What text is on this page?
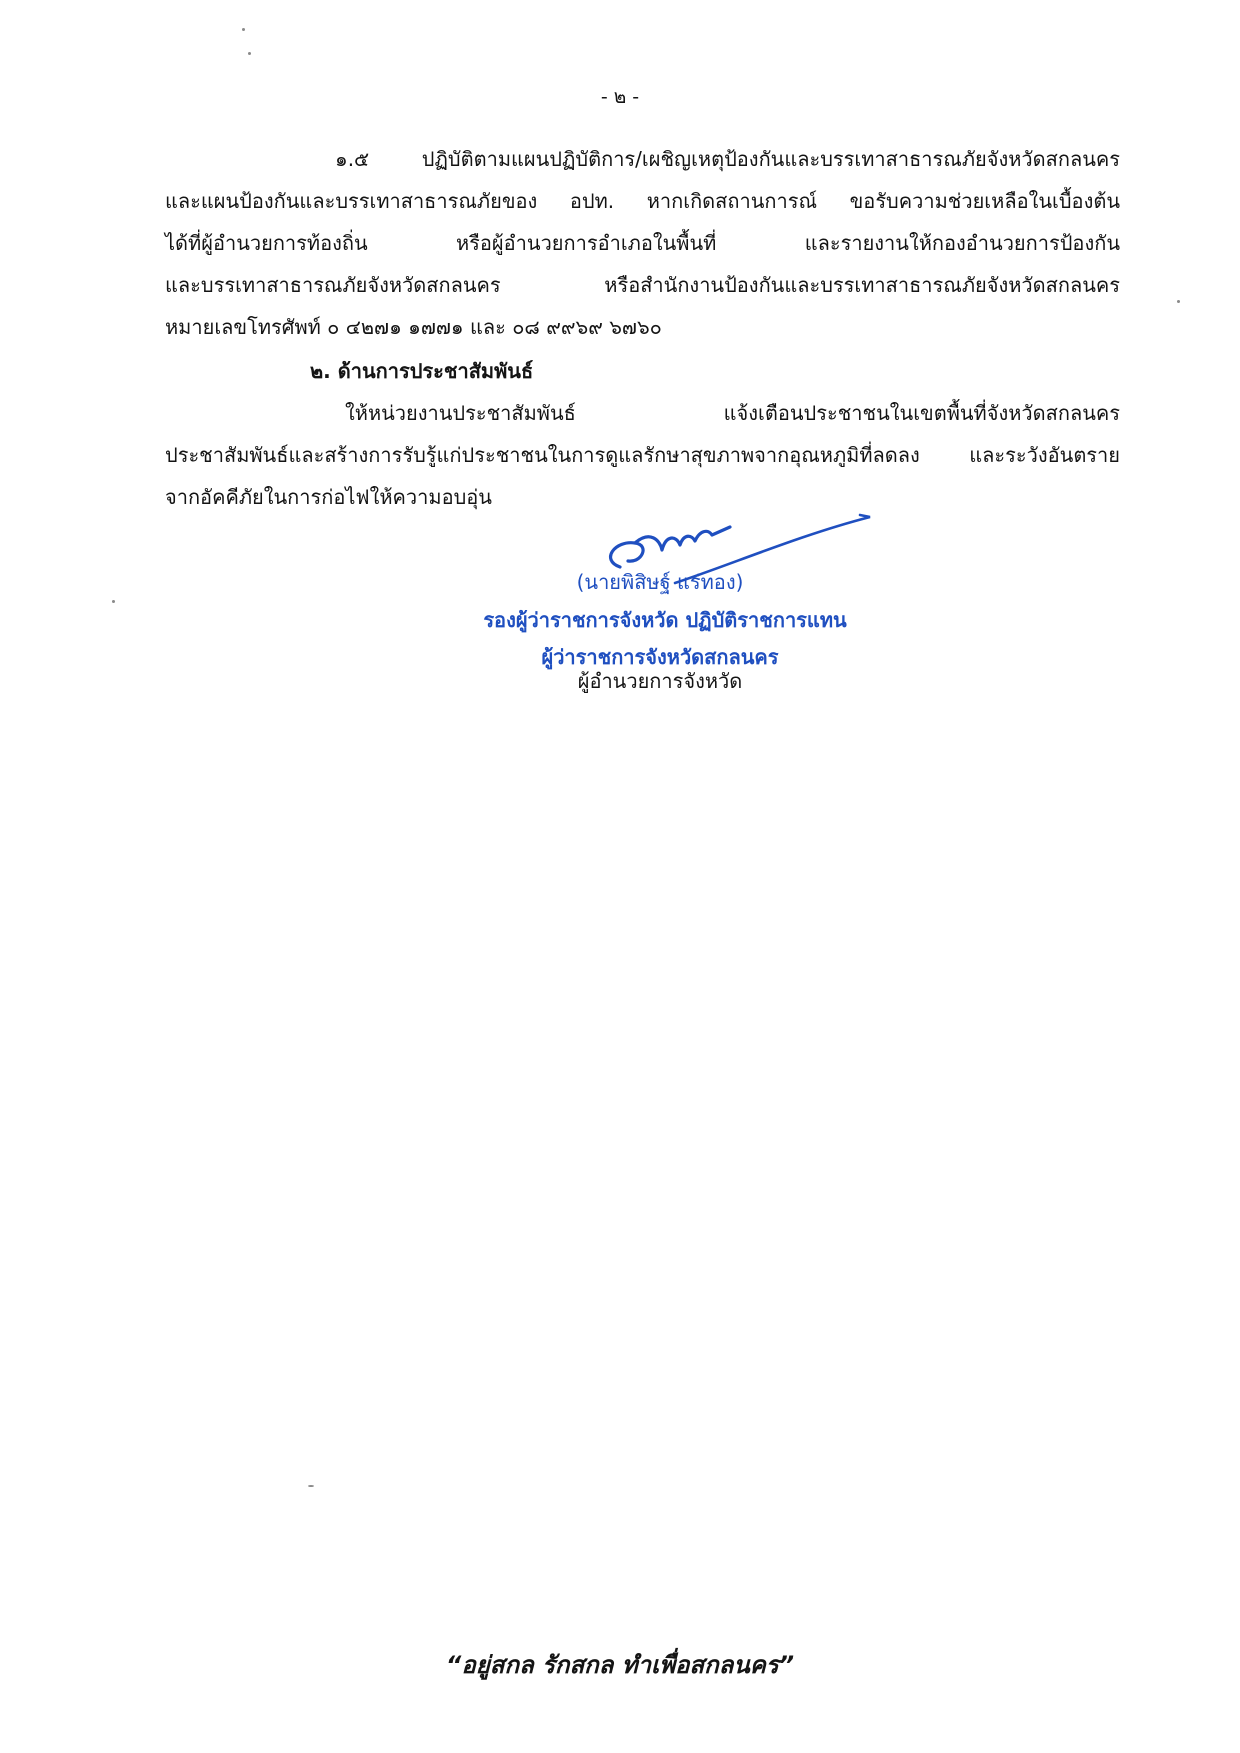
- ๒ -

๑.๕ ปฏิบัติตามแผนปฏิบัติการ/เผชิญเหตุป้องกันและบรรเทาสาธารณภัยจังหวัดสกลนคร

และแผนป้องกันและบรรเทาสาธารณภัยของ อปท. หากเกิดสถานการณ์ ขอรับความช่วยเหลือในเบื้องต้น

ได้ที่ผู้อำนวยการท้องถิ่น หรือผู้อำนวยการอำเภอในพื้นที่ และรายงานให้กองอำนวยการป้องกัน

และบรรเทาสาธารณภัยจังหวัดสกลนคร หรือสำนักงานป้องกันและบรรเทาสาธารณภัยจังหวัดสกลนคร

หมายเลขโทรศัพท์ ๐ ๔๒๗๑ ๑๗๗๑ และ ๐๘ ๙๙๖๙ ๖๗๖๐

๒. ด้านการประชาสัมพันธ์

ให้หน่วยงานประชาสัมพันธ์ แจ้งเตือนประชาชนในเขตพื้นที่จังหวัดสกลนคร

ประชาสัมพันธ์และสร้างการรับรู้แก่ประชาชนในการดูแลรักษาสุขภาพจากอุณหภูมิที่ลดลง และระวังอันตราย

จากอัคคีภัยในการก่อไฟให้ความอบอุ่น

(นายพิสิษฐ์ แร่ทอง)
รองผู้ว่าราชการจังหวัด ปฏิบัติราชการแทน
ผู้ว่าราชการจังหวัดสกลนคร
ผู้อำนวยการจังหวัด
“อยู่สกล รักสกล ทำเพื่อสกลนคร”
